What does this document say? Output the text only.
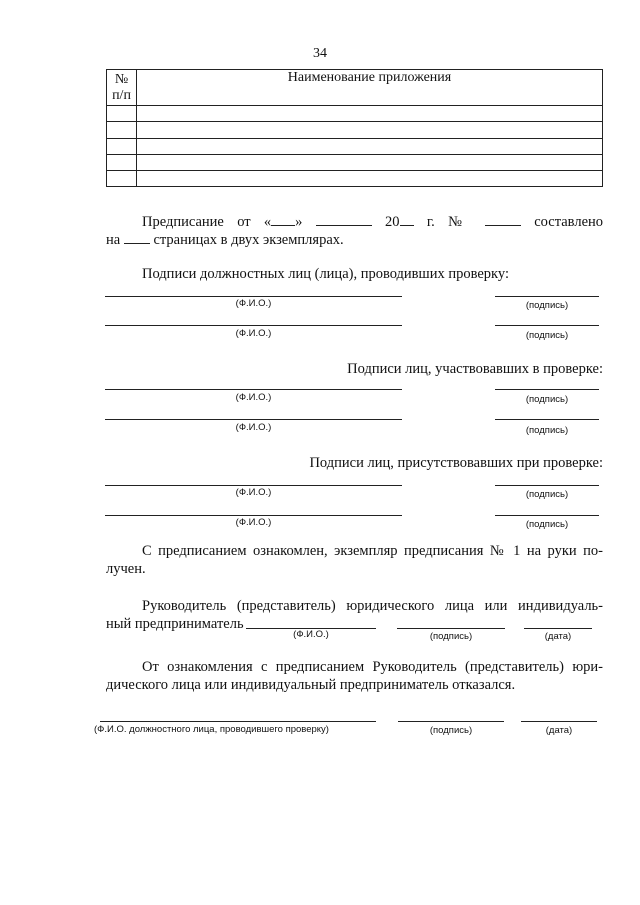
34
№
п/п	Наименование приложения

Предписание от « »	20 г. №	составлено
на страницах в двух экземплярах.
Подписи должностных лиц (лица), проводивших проверку:
(Ф.И.О.)	(подпись)
(Ф.И.О.)	(подпись)
Подписи лиц, участвовавших в проверке:
(Ф.И.О.)	(подпись)
(Ф.И.О.)	(подпись)
Подписи лиц, присутствовавших при проверке:
(Ф.И.О.)	(подпись)
(Ф.И.О.)	(подпись)
С предписанием ознакомлен, экземпляр предписания № 1 на руки по-
лучен.
Руководитель (представитель) юридического лица или индивидуаль-
ный предприниматель
(Ф.И.О.)	(подпись)	(дата)
От ознакомления с предписанием Руководитель (представитель) юри-
дического лица или индивидуальный предприниматель отказался.
(Ф.И.О. должностного лица, проводившего проверку)	(подпись)	(дата)
